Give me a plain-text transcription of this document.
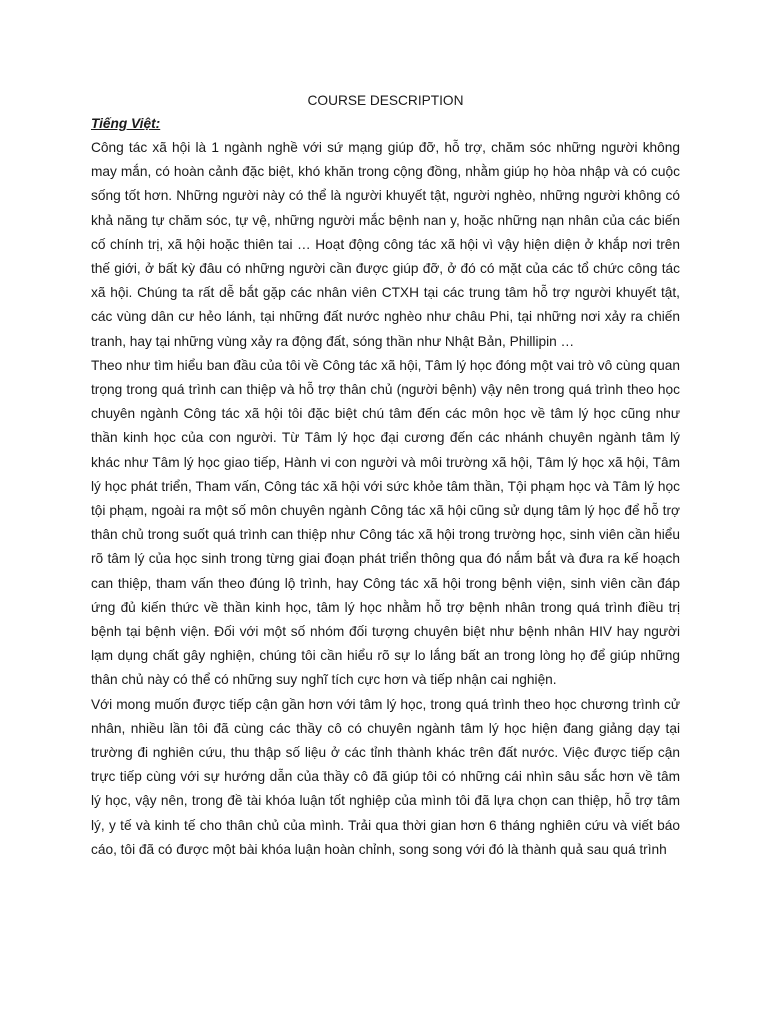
COURSE DESCRIPTION
Tiếng Việt:

Công tác xã hội là 1 ngành nghề với sứ mạng giúp đỡ, hỗ trợ, chăm sóc những người không may mắn, có hoàn cảnh đặc biệt, khó khăn trong cộng đồng, nhằm giúp họ hòa nhập và có cuộc sống tốt hơn. Những người này có thể là người khuyết tật, người nghèo, những người không có khả năng tự chăm sóc, tự vệ, những người mắc bệnh nan y, hoặc những nạn nhân của các biến cố chính trị, xã hội hoặc thiên tai … Hoạt động công tác xã hội vì vậy hiện diện ở khắp nơi trên thế giới, ở bất kỳ đâu có những người cần được giúp đỡ, ở đó có mặt của các tổ chức công tác xã hội. Chúng ta rất dễ bắt gặp các nhân viên CTXH tại các trung tâm hỗ trợ người khuyết tật, các vùng dân cư hẻo lánh, tại những đất nước nghèo như châu Phi, tại những nơi xảy ra chiến tranh, hay tại những vùng xảy ra động đất, sóng thần như Nhật Bản, Phillipin …

Theo như tìm hiểu ban đầu của tôi về Công tác xã hội, Tâm lý học đóng một vai trò vô cùng quan trọng trong quá trình can thiệp và hỗ trợ thân chủ (người bệnh) vậy nên trong quá trình theo học chuyên ngành Công tác xã hội tôi đặc biệt chú tâm đến các môn học về tâm lý học cũng như thần kinh học của con người. Từ Tâm lý học đại cương đến các nhánh chuyên ngành tâm lý khác như Tâm lý học giao tiếp, Hành vi con người và môi trường xã hội, Tâm lý học xã hội, Tâm lý học phát triển, Tham vấn, Công tác xã hội với sức khỏe tâm thần, Tội phạm học và Tâm lý học tội phạm, ngoài ra một số môn chuyên ngành Công tác xã hội cũng sử dụng tâm lý học để hỗ trợ thân chủ trong suốt quá trình can thiệp như Công tác xã hội trong trường học, sinh viên cần hiểu rõ tâm lý của học sinh trong từng giai đoạn phát triển thông qua đó nắm bắt và đưa ra kế hoạch can thiệp, tham vấn theo đúng lộ trình, hay Công tác xã hội trong bệnh viện, sinh viên cần đáp ứng đủ kiến thức về thần kinh học, tâm lý học nhằm hỗ trợ bệnh nhân trong quá trình điều trị bệnh tại bệnh viện. Đối với một số nhóm đối tượng chuyên biệt như bệnh nhân HIV hay người lạm dụng chất gây nghiện, chúng tôi cần hiểu rõ sự lo lắng bất an trong lòng họ để giúp những thân chủ này có thể có những suy nghĩ tích cực hơn và tiếp nhận cai nghiện.

Với mong muốn được tiếp cận gần hơn với tâm lý học, trong quá trình theo học chương trình cử nhân, nhiều lần tôi đã cùng các thầy cô có chuyên ngành tâm lý học hiện đang giảng dạy tại trường đi nghiên cứu, thu thập số liệu ở các tỉnh thành khác trên đất nước. Việc được tiếp cận trực tiếp cùng với sự hướng dẫn của thầy cô đã giúp tôi có những cái nhìn sâu sắc hơn về tâm lý học, vậy nên, trong đề tài khóa luận tốt nghiệp của mình tôi đã lựa chọn can thiệp, hỗ trợ tâm lý, y tế và kinh tế cho thân chủ của mình. Trải qua thời gian hơn 6 tháng nghiên cứu và viết báo cáo, tôi đã có được một bài khóa luận hoàn chỉnh, song song với đó là thành quả sau quá trình
